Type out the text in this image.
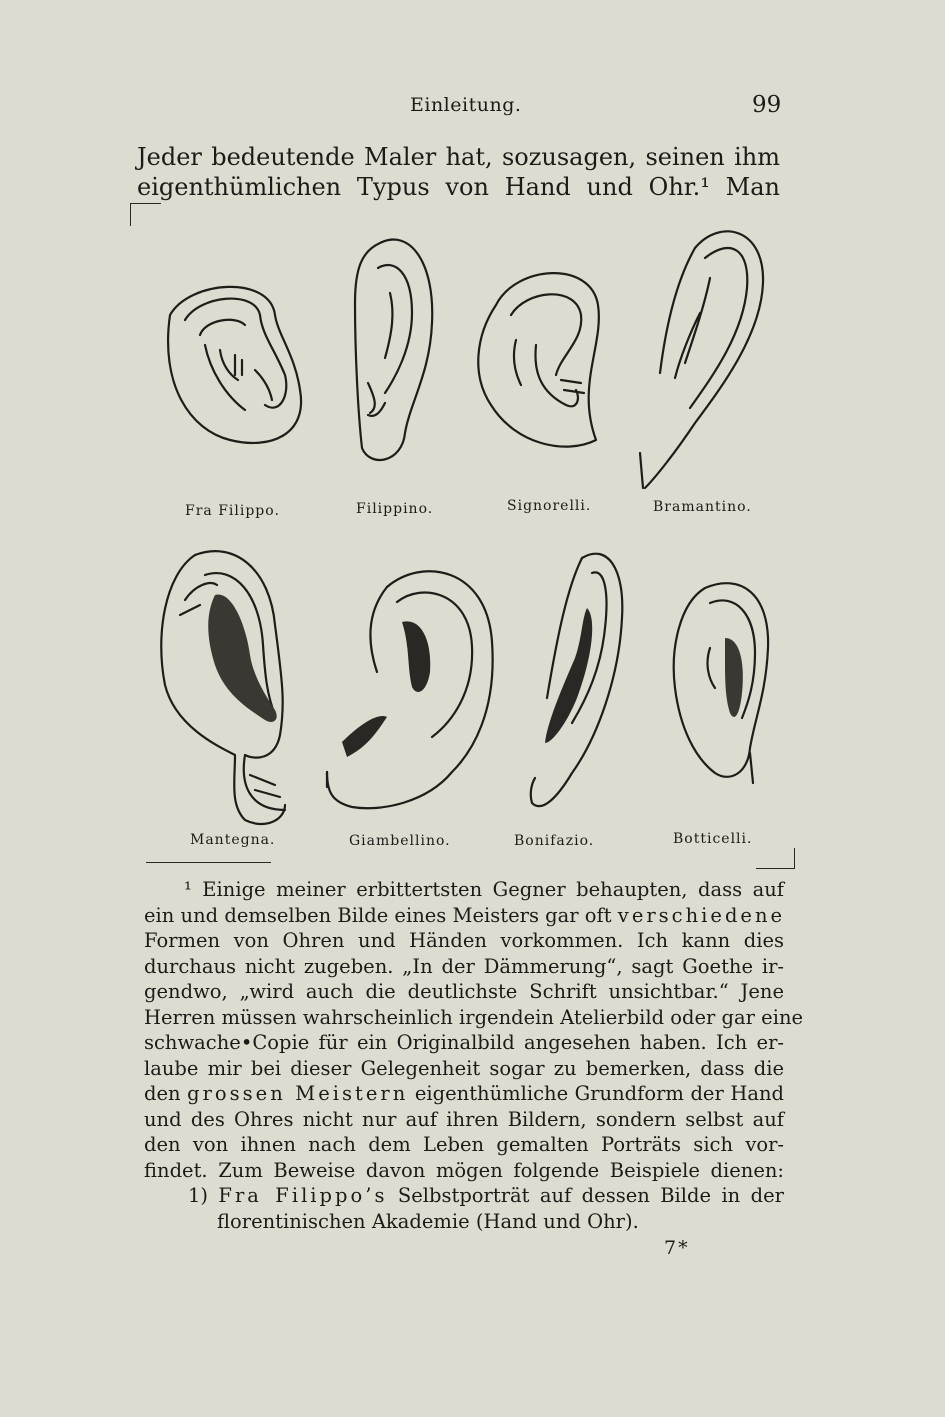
Einleitung.	99
Jeder bedeutende Maler hat, sozusagen, seinen ihm
eigenthümlichen Typus von Hand und Ohr.¹ Man
Fra Filippo.	Filippino.	Signorelli.	Bramantino.
Mantegna.	Giambellino.	Bonifazio.	Botticelli.
¹ Einige meiner erbittertsten Gegner behaupten, dass auf
ein und demselben Bilde eines Meisters gar oft verschiedene
Formen von Ohren und Händen vorkommen. Ich kann dies
durchaus nicht zugeben. „In der Dämmerung“, sagt Goethe ir-
gendwo, „wird auch die deutlichste Schrift unsichtbar.“ Jene
Herren müssen wahrscheinlich irgendein Atelierbild oder gar eine
schwache•Copie für ein Originalbild angesehen haben. Ich er-
laube mir bei dieser Gelegenheit sogar zu bemerken, dass die
den grossen Meistern eigenthümliche Grundform der Hand
und des Ohres nicht nur auf ihren Bildern, sondern selbst auf
den von ihnen nach dem Leben gemalten Porträts sich vor-
findet. Zum Beweise davon mögen folgende Beispiele dienen:
1) Fra Filippo’s Selbstporträt auf dessen Bilde in der
florentinischen Akademie (Hand und Ohr).
7*
